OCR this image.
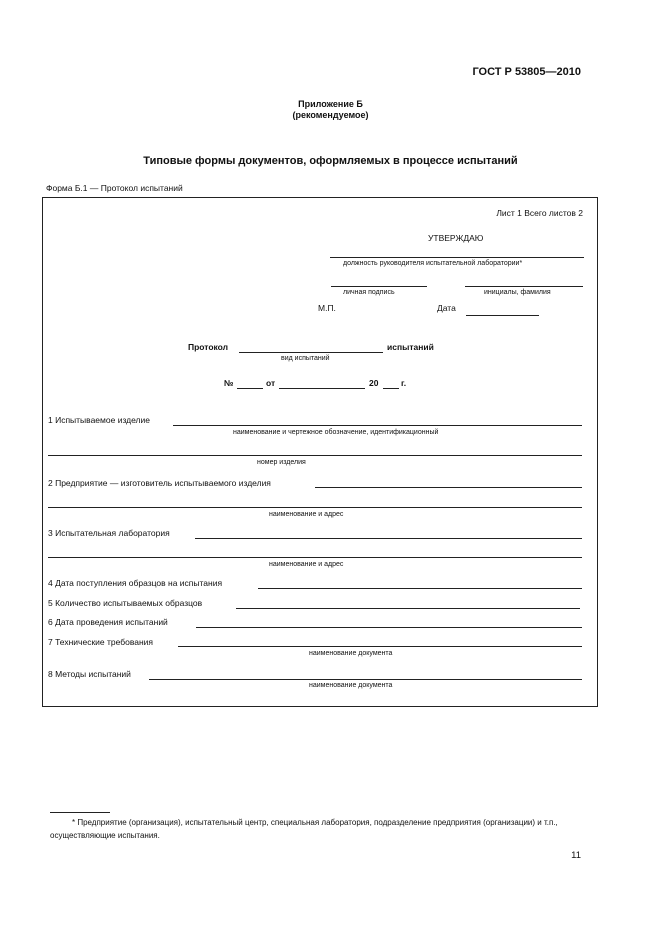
ГОСТ Р 53805—2010
Приложение Б
(рекомендуемое)
Типовые формы документов, оформляемых в процессе испытаний
Форма Б.1 — Протокол испытаний
Лист 1 Всего листов 2
УТВЕРЖДАЮ
должность руководителя испытательной лаборатории*
личная подпись	инициалы, фамилия
М.П.	Дата
Протокол	испытаний
вид испытаний
№	от	20	г.
1 Испытываемое изделие
наименование и чертежное обозначение, идентификационный
номер изделия
2 Предприятие — изготовитель испытываемого изделия
наименование и адрес
3 Испытательная лаборатория
наименование и адрес
4 Дата поступления образцов на испытания
5 Количество испытываемых образцов
6 Дата проведения испытаний
7 Технические требования
наименование документа
8 Методы испытаний
наименование документа
* Предприятие (организация), испытательный центр, специальная лаборатория, подразделение предприятия (организации) и т.п., осуществляющие испытания.
11
